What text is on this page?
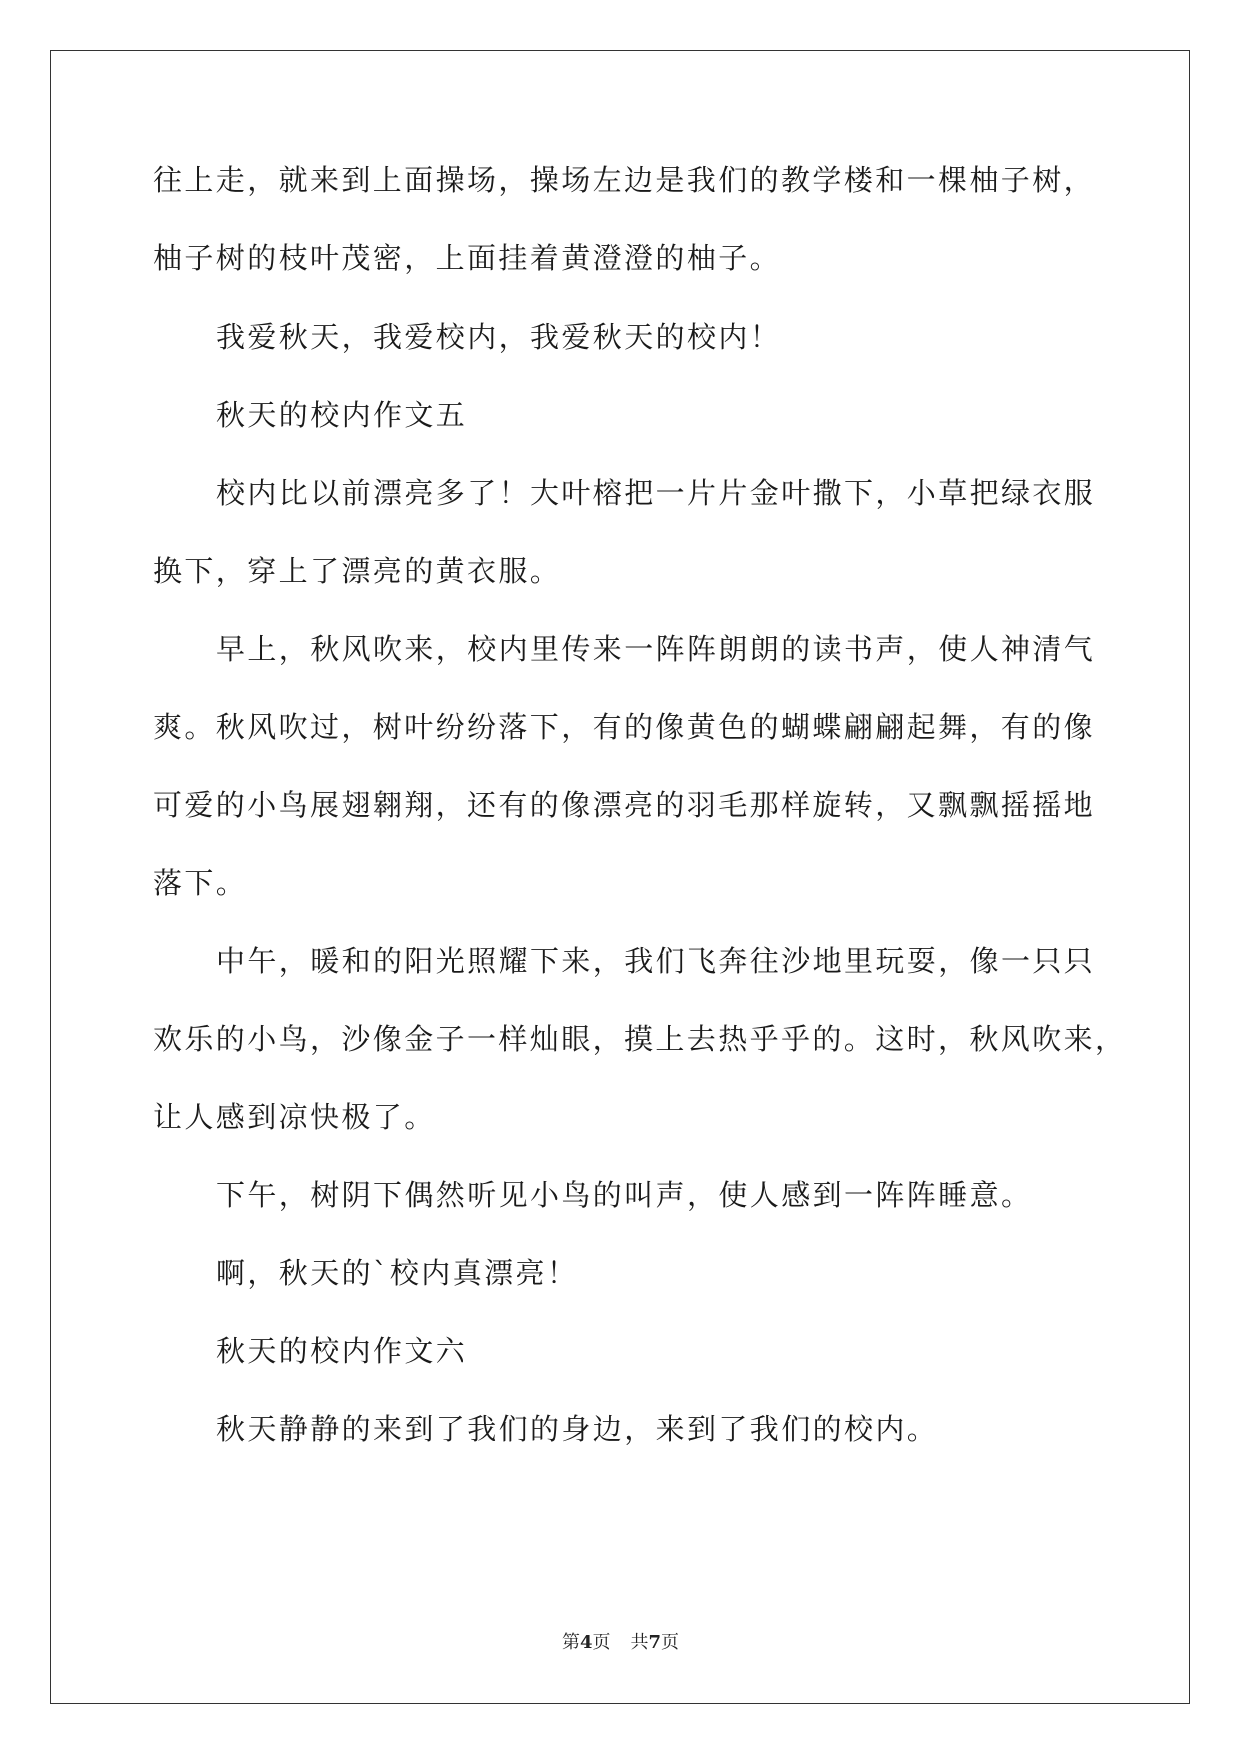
往上走，就来到上面操场，操场左边是我们的教学楼和一棵柚子树，
柚子树的枝叶茂密，上面挂着黄澄澄的柚子。
我爱秋天，我爱校内，我爱秋天的校内！
秋天的校内作文五
校内比以前漂亮多了！大叶榕把一片片金叶撒下，小草把绿衣服
换下，穿上了漂亮的黄衣服。
早上，秋风吹来，校内里传来一阵阵朗朗的读书声，使人神清气
爽。秋风吹过，树叶纷纷落下，有的像黄色的蝴蝶翩翩起舞，有的像
可爱的小鸟展翅翱翔，还有的像漂亮的羽毛那样旋转，又飘飘摇摇地
落下。
中午，暖和的阳光照耀下来，我们飞奔往沙地里玩耍，像一只只
欢乐的小鸟，沙像金子一样灿眼，摸上去热乎乎的。这时，秋风吹来，
让人感到凉快极了。
下午，树阴下偶然听见小鸟的叫声，使人感到一阵阵睡意。
啊，秋天的`校内真漂亮！
秋天的校内作文六
秋天静静的来到了我们的身边，来到了我们的校内。
第4页 共7页
